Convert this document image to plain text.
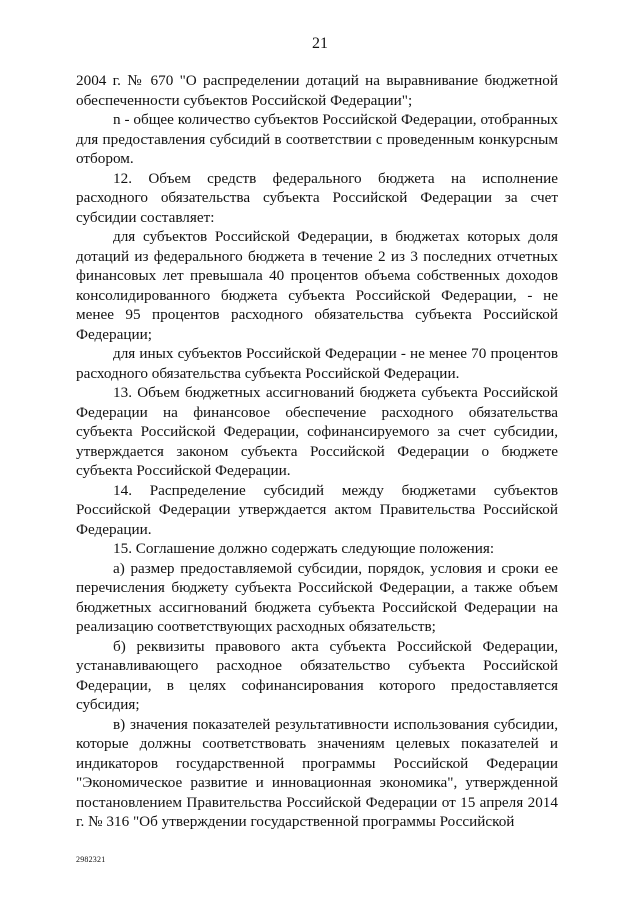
21

2004 г. № 670 "О распределении дотаций на выравнивание бюджетной обеспеченности субъектов Российской Федерации";

n - общее количество субъектов Российской Федерации, отобранных для предоставления субсидий в соответствии с проведенным конкурсным отбором.

12. Объем средств федерального бюджета на исполнение расходного обязательства субъекта Российской Федерации за счет субсидии составляет:

для субъектов Российской Федерации, в бюджетах которых доля дотаций из федерального бюджета в течение 2 из 3 последних отчетных финансовых лет превышала 40 процентов объема собственных доходов консолидированного бюджета субъекта Российской Федерации, - не менее 95 процентов расходного обязательства субъекта Российской Федерации;

для иных субъектов Российской Федерации - не менее 70 процентов расходного обязательства субъекта Российской Федерации.

13. Объем бюджетных ассигнований бюджета субъекта Российской Федерации на финансовое обеспечение расходного обязательства субъекта Российской Федерации, софинансируемого за счет субсидии, утверждается законом субъекта Российской Федерации о бюджете субъекта Российской Федерации.

14. Распределение субсидий между бюджетами субъектов Российской Федерации утверждается актом Правительства Российской Федерации.

15. Соглашение должно содержать следующие положения:

а) размер предоставляемой субсидии, порядок, условия и сроки ее перечисления бюджету субъекта Российской Федерации, а также объем бюджетных ассигнований бюджета субъекта Российской Федерации на реализацию соответствующих расходных обязательств;

б) реквизиты правового акта субъекта Российской Федерации, устанавливающего расходное обязательство субъекта Российской Федерации, в целях софинансирования которого предоставляется субсидия;

в) значения показателей результативности использования субсидии, которые должны соответствовать значениям целевых показателей и индикаторов государственной программы Российской Федерации "Экономическое развитие и инновационная экономика", утвержденной постановлением Правительства Российской Федерации от 15 апреля 2014 г. № 316 "Об утверждении государственной программы Российской

2982321
